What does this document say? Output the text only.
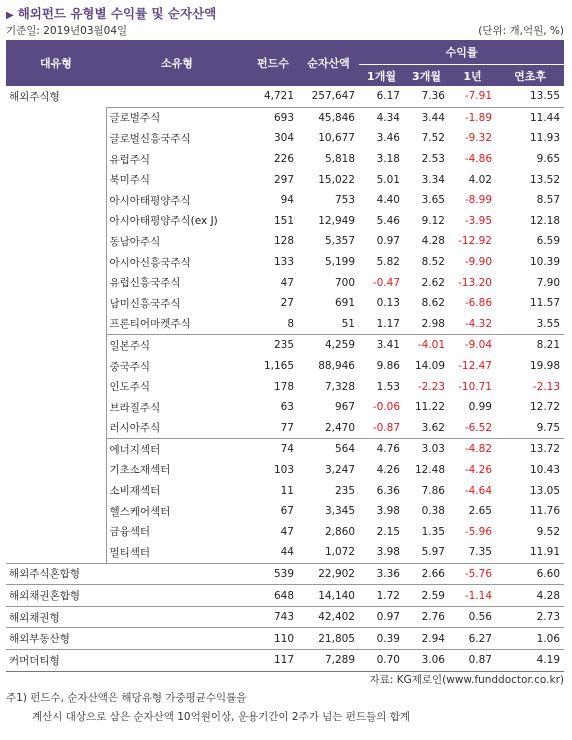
▶ 해외펀드 유형별 수익률 및 순자산액
기준일: 2019년03월04일	(단위: 개,억원, %)
대유형	소유형	펀드수	순자산액	수익률			
				1개월	3개월	1년	연초후
해외주식형		4,721	257,647	6.17	7.36	-7.91	13.55
	글로벌주식	693	45,846	4.34	3.44	-1.89	11.44
	글로벌신흥국주식	304	10,677	3.46	7.52	-9.32	11.93
	유럽주식	226	5,818	3.18	2.53	-4.86	9.65
	북미주식	297	15,022	5.01	3.34	4.02	13.52
	아시아태평양주식	94	753	4.40	3.65	-8.99	8.57
	아시아태평양주식(ex J)	151	12,949	5.46	9.12	-3.95	12.18
	동남아주식	128	5,357	0.97	4.28	-12.92	6.59
	아시아신흥국주식	133	5,199	5.82	8.52	-9.90	10.39
	유럽신흥국주식	47	700	-0.47	2.62	-13.20	7.90
	남미신흥국주식	27	691	0.13	8.62	-6.86	11.57
	프론티어마켓주식	8	51	1.17	2.98	-4.32	3.55
	일본주식	235	4,259	3.41	-4.01	-9.04	8.21
	중국주식	1,165	88,946	9.86	14.09	-12.47	19.98
	인도주식	178	7,328	1.53	-2.23	-10.71	-2.13
	브라질주식	63	967	-0.06	11.22	0.99	12.72
	러시아주식	77	2,470	-0.87	3.62	-6.52	9.75
	에너지섹터	74	564	4.76	3.03	-4.82	13.72
	기초소재섹터	103	3,247	4.26	12.48	-4.26	10.43
	소비재섹터	11	235	6.36	7.86	-4.64	13.05
	헬스케어섹터	67	3,345	3.98	0.38	2.65	11.76
	금융섹터	47	2,860	2.15	1.35	-5.96	9.52
	멀티섹터	44	1,072	3.98	5.97	7.35	11.91
해외주식혼합형		539	22,902	3.36	2.66	-5.76	6.60
해외채권혼합형		648	14,140	1.72	2.59	-1.14	4.28
해외채권형		743	42,402	0.97	2.76	0.56	2.73
해외부동산형		110	21,805	0.39	2.94	6.27	1.06
커머더티형		117	7,289	0.70	3.06	0.87	4.19
자료: KG제로인(www.funddoctor.co.kr)
주1) 펀드수, 순자산액은 해당유형 가중평균수익률을
계산시 대상으로 삼은 순자산액 10억원이상, 운용기간이 2주가 넘는 펀드들의 합계
